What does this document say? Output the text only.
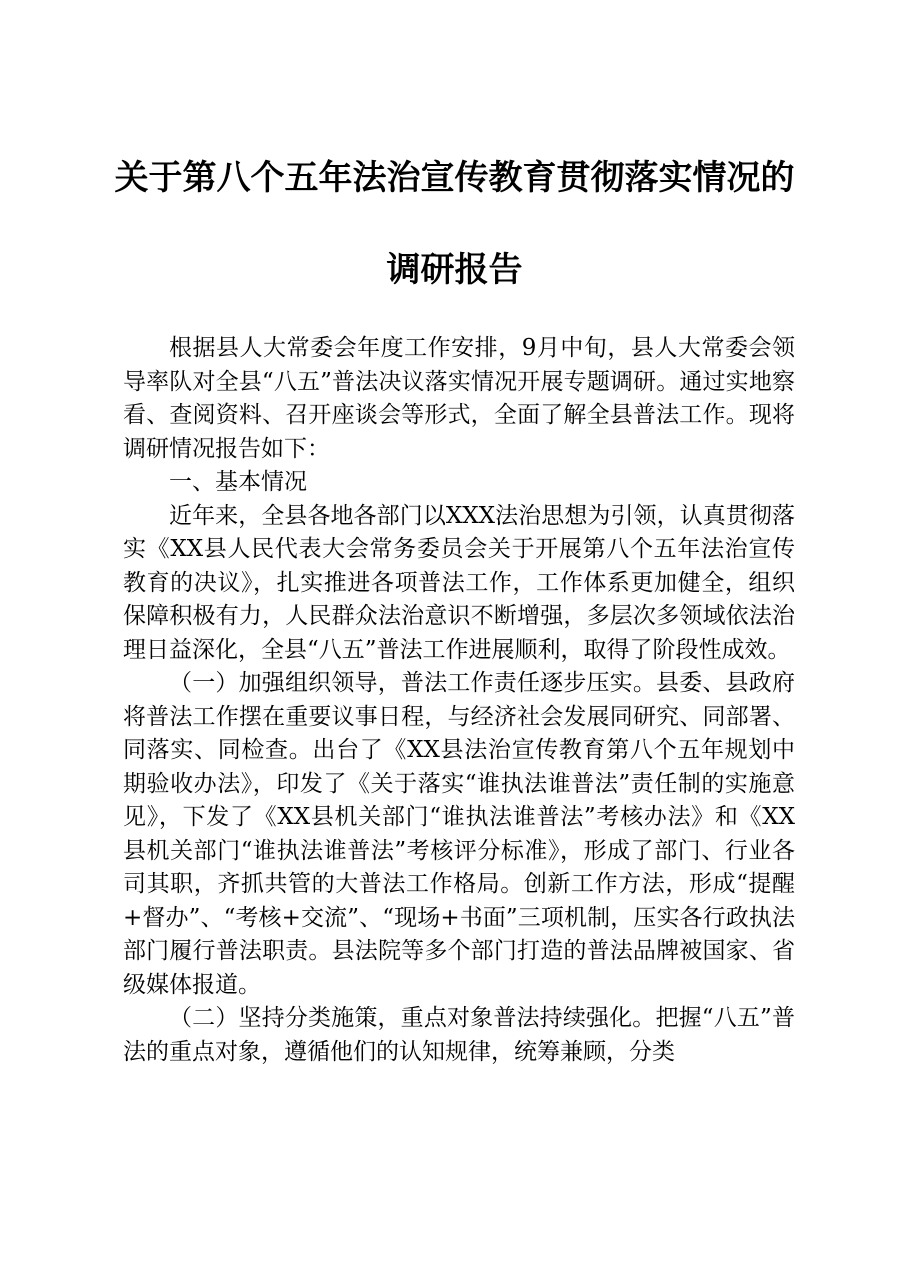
关于第八个五年法治宣传教育贯彻落实情况的
调研报告

根据县人大常委会年度工作安排，9月中旬，县人大常委会领导率队对全县“八五”普法决议落实情况开展专题调研。通过实地察看、查阅资料、召开座谈会等形式，全面了解全县普法工作。现将调研情况报告如下：

一、基本情况

近年来，全县各地各部门以XXX法治思想为引领，认真贯彻落实《XX县人民代表大会常务委员会关于开展第八个五年法治宣传教育的决议》，扎实推进各项普法工作，工作体系更加健全，组织保障积极有力，人民群众法治意识不断增强，多层次多领域依法治理日益深化，全县“八五”普法工作进展顺利，取得了阶段性成效。

（一）加强组织领导，普法工作责任逐步压实。县委、县政府将普法工作摆在重要议事日程，与经济社会发展同研究、同部署、同落实、同检查。出台了《XX县法治宣传教育第八个五年规划中期验收办法》，印发了《关于落实“谁执法谁普法”责任制的实施意见》，下发了《XX县机关部门“谁执法谁普法”考核办法》和《XX县机关部门“谁执法谁普法”考核评分标准》，形成了部门、行业各司其职，齐抓共管的大普法工作格局。创新工作方法，形成“提醒+督办”、“考核+交流”、“现场+书面”三项机制，压实各行政执法部门履行普法职责。县法院等多个部门打造的普法品牌被国家、省级媒体报道。

（二）坚持分类施策，重点对象普法持续强化。把握“八五”普法的重点对象，遵循他们的认知规律，统筹兼顾，分类
